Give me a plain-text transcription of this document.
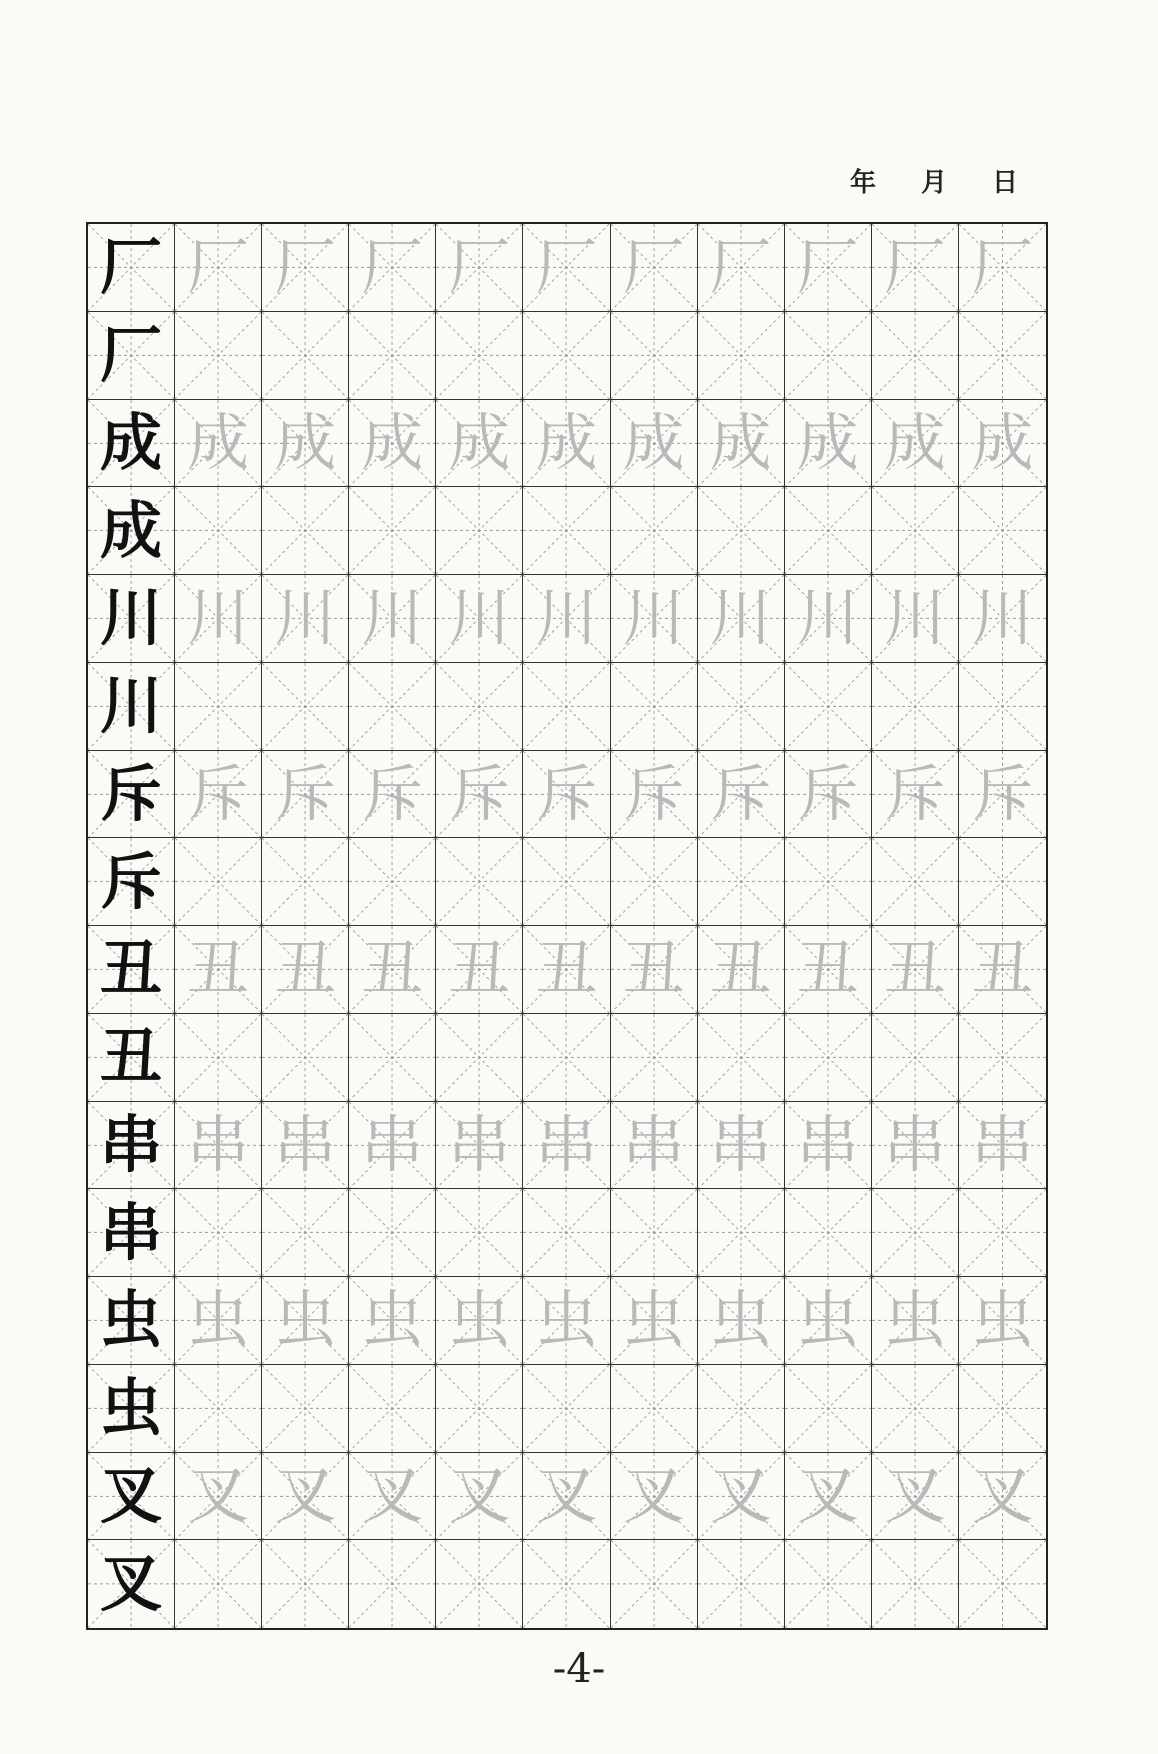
年 月 日
厂 厂 厂 厂 厂 厂 厂 厂 厂 厂 厂
厂
成 成 成 成 成 成 成 成 成 成 成
成
川 川 川 川 川 川 川 川 川 川 川
川
斥 斥 斥 斥 斥 斥 斥 斥 斥 斥 斥
斥
丑 丑 丑 丑 丑 丑 丑 丑 丑 丑 丑
丑
串 串 串 串 串 串 串 串 串 串 串
串
虫 虫 虫 虫 虫 虫 虫 虫 虫 虫 虫
虫
叉 叉 叉 叉 叉 叉 叉 叉 叉 叉 叉
叉
-4-
